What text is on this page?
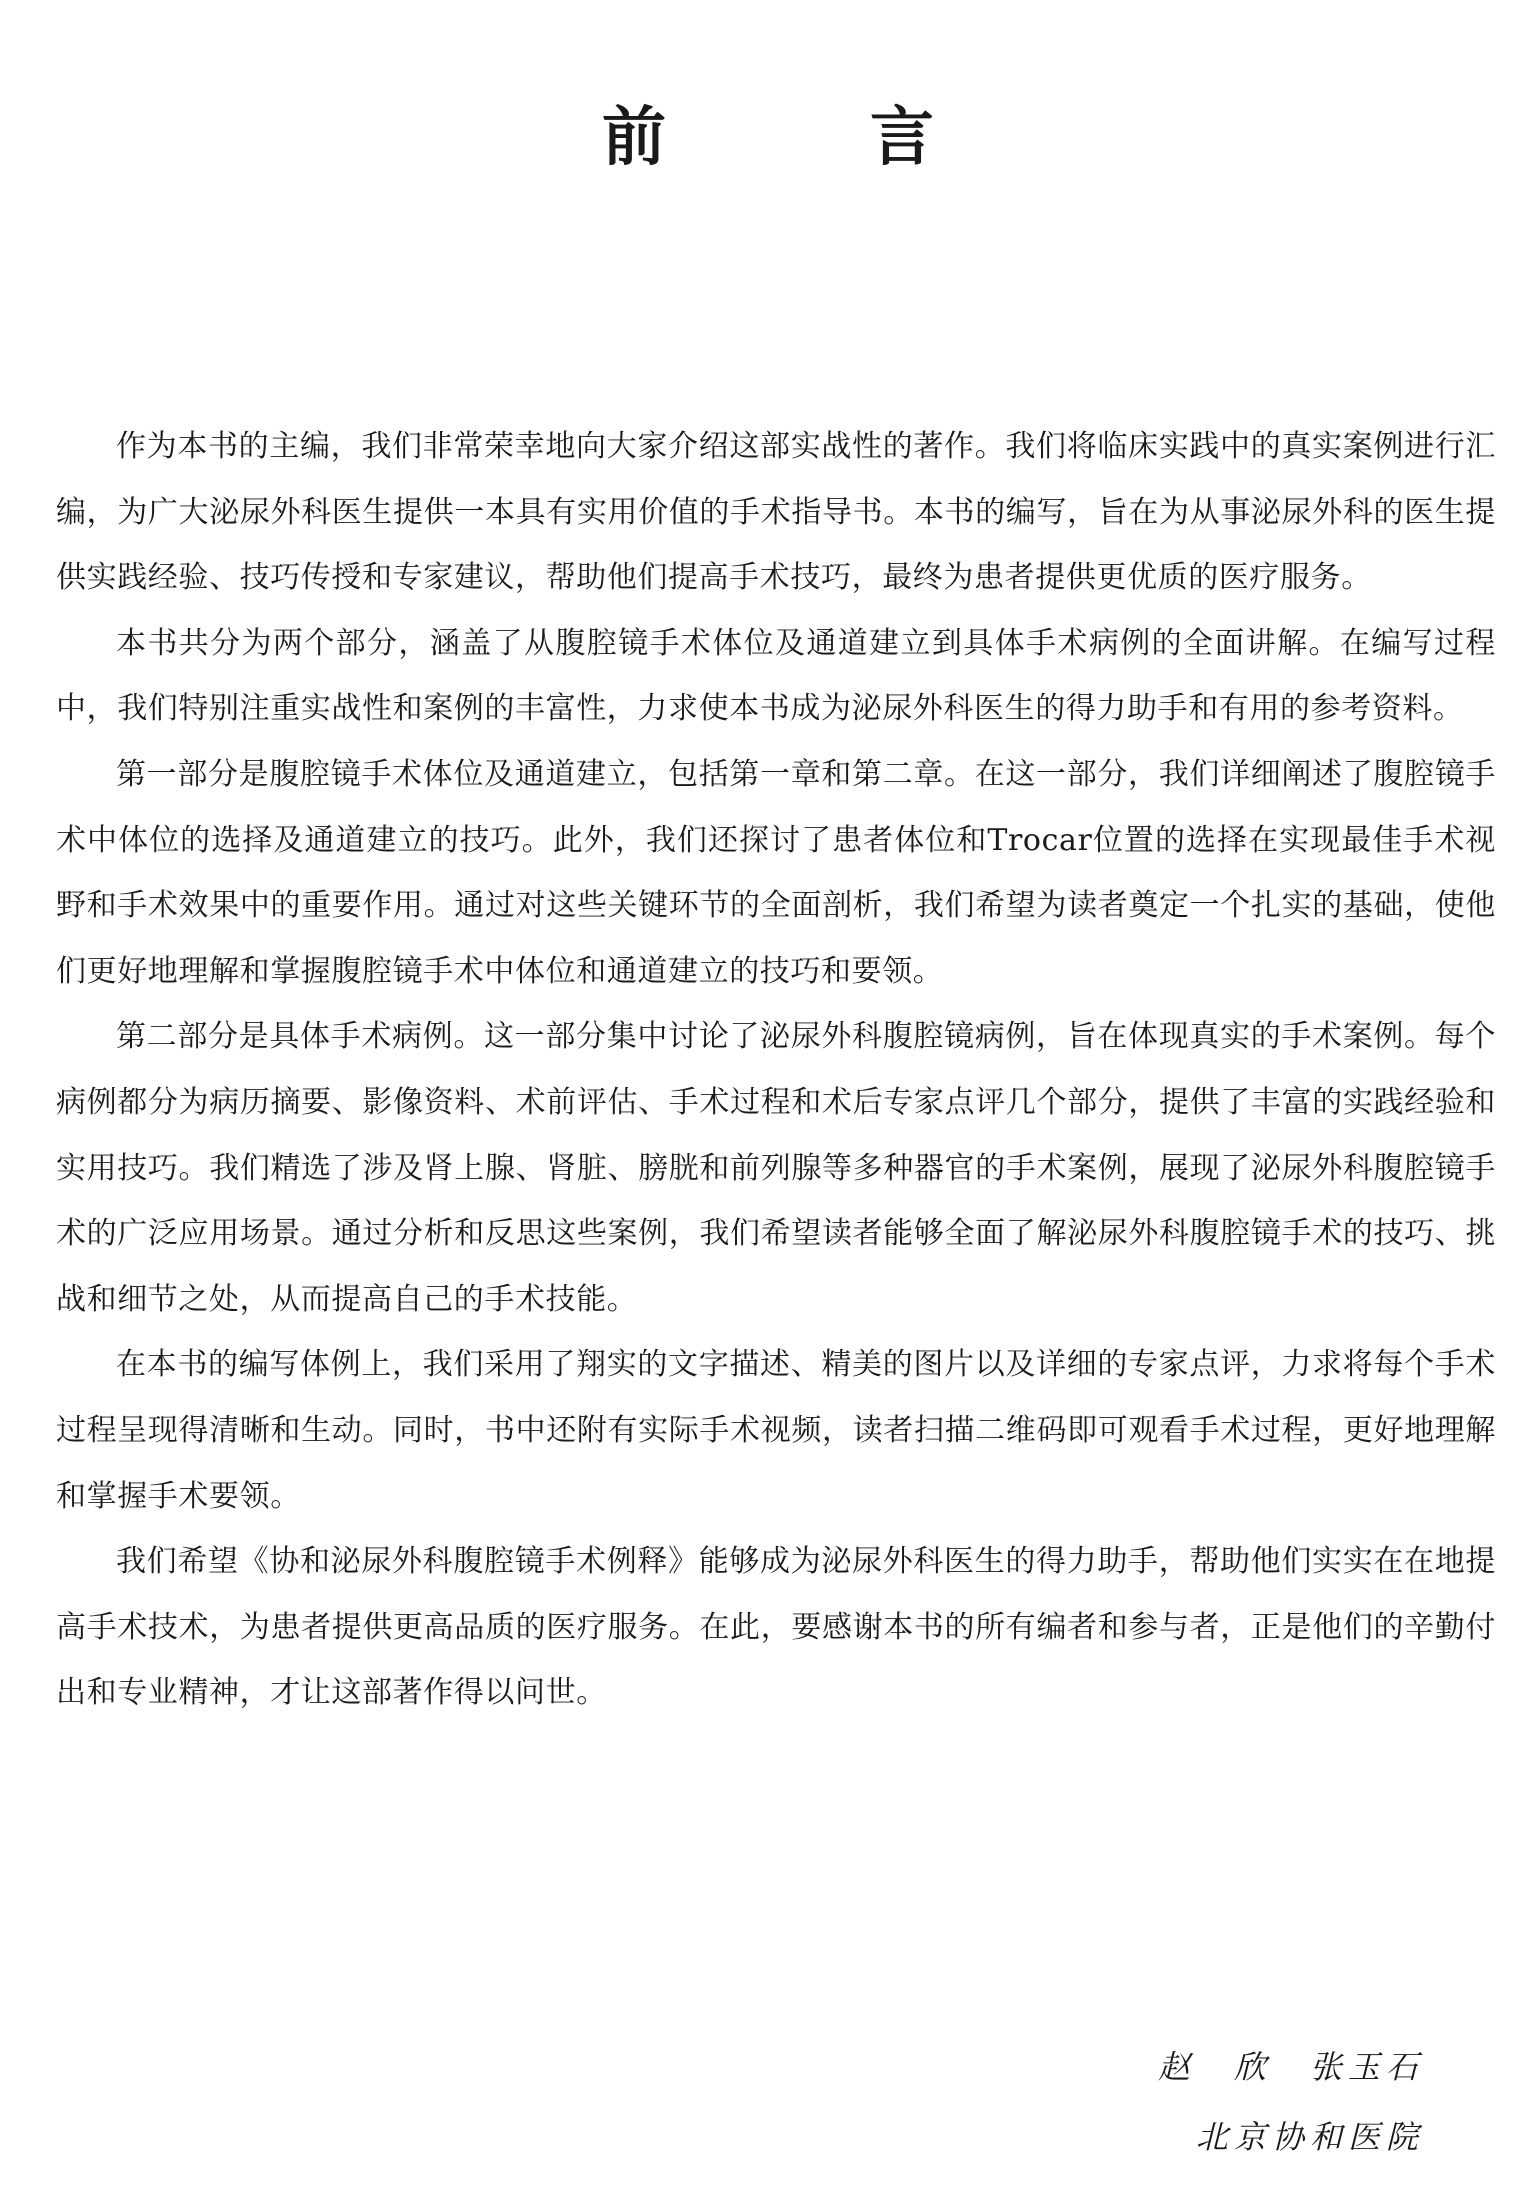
前　言

作为本书的主编，我们非常荣幸地向大家介绍这部实战性的著作。我们将临床实践中的真实案例进行汇编，为广大泌尿外科医生提供一本具有实用价值的手术指导书。本书的编写，旨在为从事泌尿外科的医生提供实践经验、技巧传授和专家建议，帮助他们提高手术技巧，最终为患者提供更优质的医疗服务。

本书共分为两个部分，涵盖了从腹腔镜手术体位及通道建立到具体手术病例的全面讲解。在编写过程中，我们特别注重实战性和案例的丰富性，力求使本书成为泌尿外科医生的得力助手和有用的参考资料。

第一部分是腹腔镜手术体位及通道建立，包括第一章和第二章。在这一部分，我们详细阐述了腹腔镜手术中体位的选择及通道建立的技巧。此外，我们还探讨了患者体位和Trocar位置的选择在实现最佳手术视野和手术效果中的重要作用。通过对这些关键环节的全面剖析，我们希望为读者奠定一个扎实的基础，使他们更好地理解和掌握腹腔镜手术中体位和通道建立的技巧和要领。

第二部分是具体手术病例。这一部分集中讨论了泌尿外科腹腔镜病例，旨在体现真实的手术案例。每个病例都分为病历摘要、影像资料、术前评估、手术过程和术后专家点评几个部分，提供了丰富的实践经验和实用技巧。我们精选了涉及肾上腺、肾脏、膀胱和前列腺等多种器官的手术案例，展现了泌尿外科腹腔镜手术的广泛应用场景。通过分析和反思这些案例，我们希望读者能够全面了解泌尿外科腹腔镜手术的技巧、挑战和细节之处，从而提高自己的手术技能。

在本书的编写体例上，我们采用了翔实的文字描述、精美的图片以及详细的专家点评，力求将每个手术过程呈现得清晰和生动。同时，书中还附有实际手术视频，读者扫描二维码即可观看手术过程，更好地理解和掌握手术要领。

我们希望《协和泌尿外科腹腔镜手术例释》能够成为泌尿外科医生的得力助手，帮助他们实实在在地提高手术技术，为患者提供更高品质的医疗服务。在此，要感谢本书的所有编者和参与者，正是他们的辛勤付出和专业精神，才让这部著作得以问世。

赵　欣　张玉石
北京协和医院
